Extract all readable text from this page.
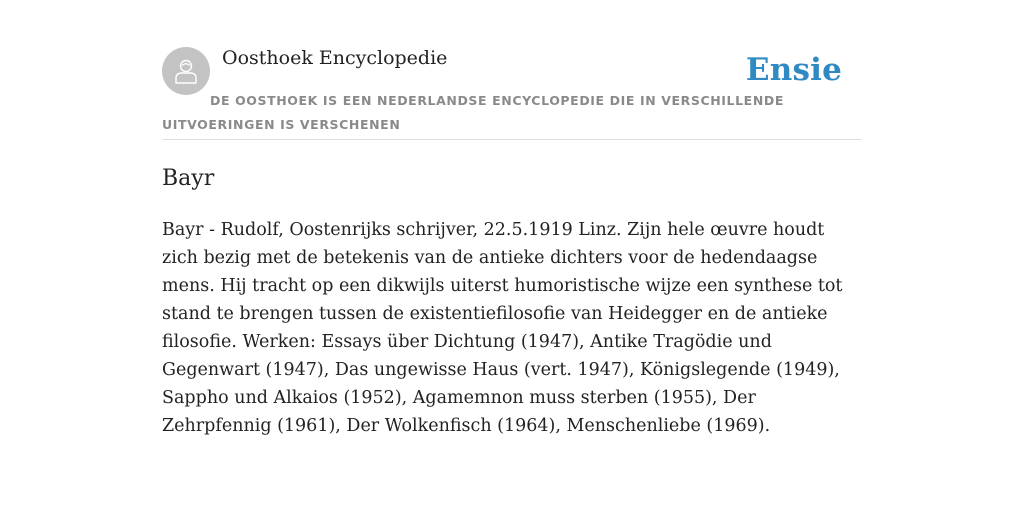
Oosthoek Encyclopedie	Ensie

DE OOSTHOEK IS EEN NEDERLANDSE ENCYCLOPEDIE DIE IN VERSCHILLENDE UITVOERINGEN IS VERSCHENEN

Bayr

Bayr - Rudolf, Oostenrijks schrijver, 22.5.1919 Linz. Zijn hele œuvre houdt zich bezig met de betekenis van de antieke dichters voor de hedendaagse mens. Hij tracht op een dikwijls uiterst humoristische wijze een synthese tot stand te brengen tussen de existentiefilosofie van Heidegger en de antieke filosofie. Werken: Essays über Dichtung (1947), Antike Tragödie und Gegenwart (1947), Das ungewisse Haus (vert. 1947), Königslegende (1949), Sappho und Alkaios (1952), Agamemnon muss sterben (1955), Der Zehrpfennig (1961), Der Wolkenfisch (1964), Menschenliebe (1969).
